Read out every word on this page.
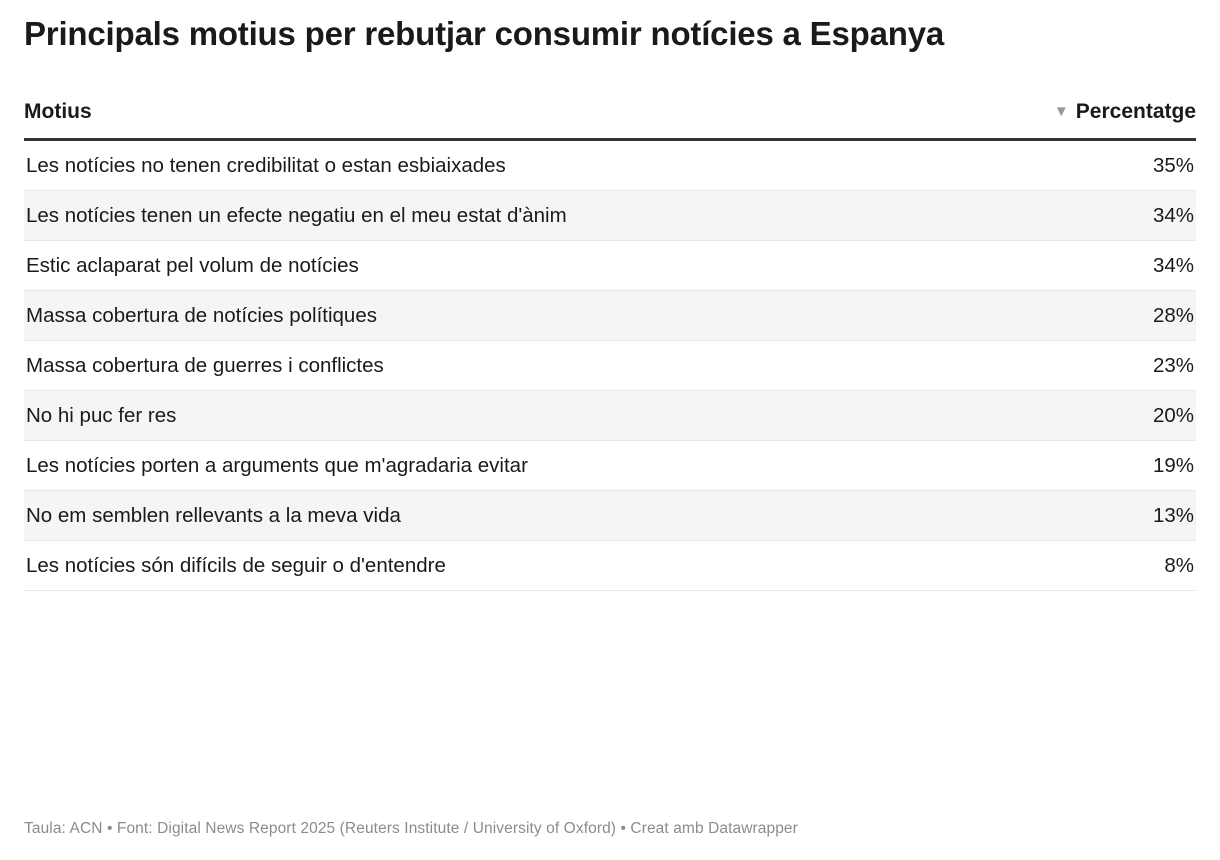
Principals motius per rebutjar consumir notícies a Espanya
Motius	▼ Percentatge
Les notícies no tenen credibilitat o estan esbiaixades	35%
Les notícies tenen un efecte negatiu en el meu estat d'ànim	34%
Estic aclaparat pel volum de notícies	34%
Massa cobertura de notícies polítiques	28%
Massa cobertura de guerres i conflictes	23%
No hi puc fer res	20%
Les notícies porten a arguments que m'agradaria evitar	19%
No em semblen rellevants a la meva vida	13%
Les notícies són difícils de seguir o d'entendre	8%
Taula: ACN • Font: Digital News Report 2025 (Reuters Institute / University of Oxford) • Creat amb Datawrapper
